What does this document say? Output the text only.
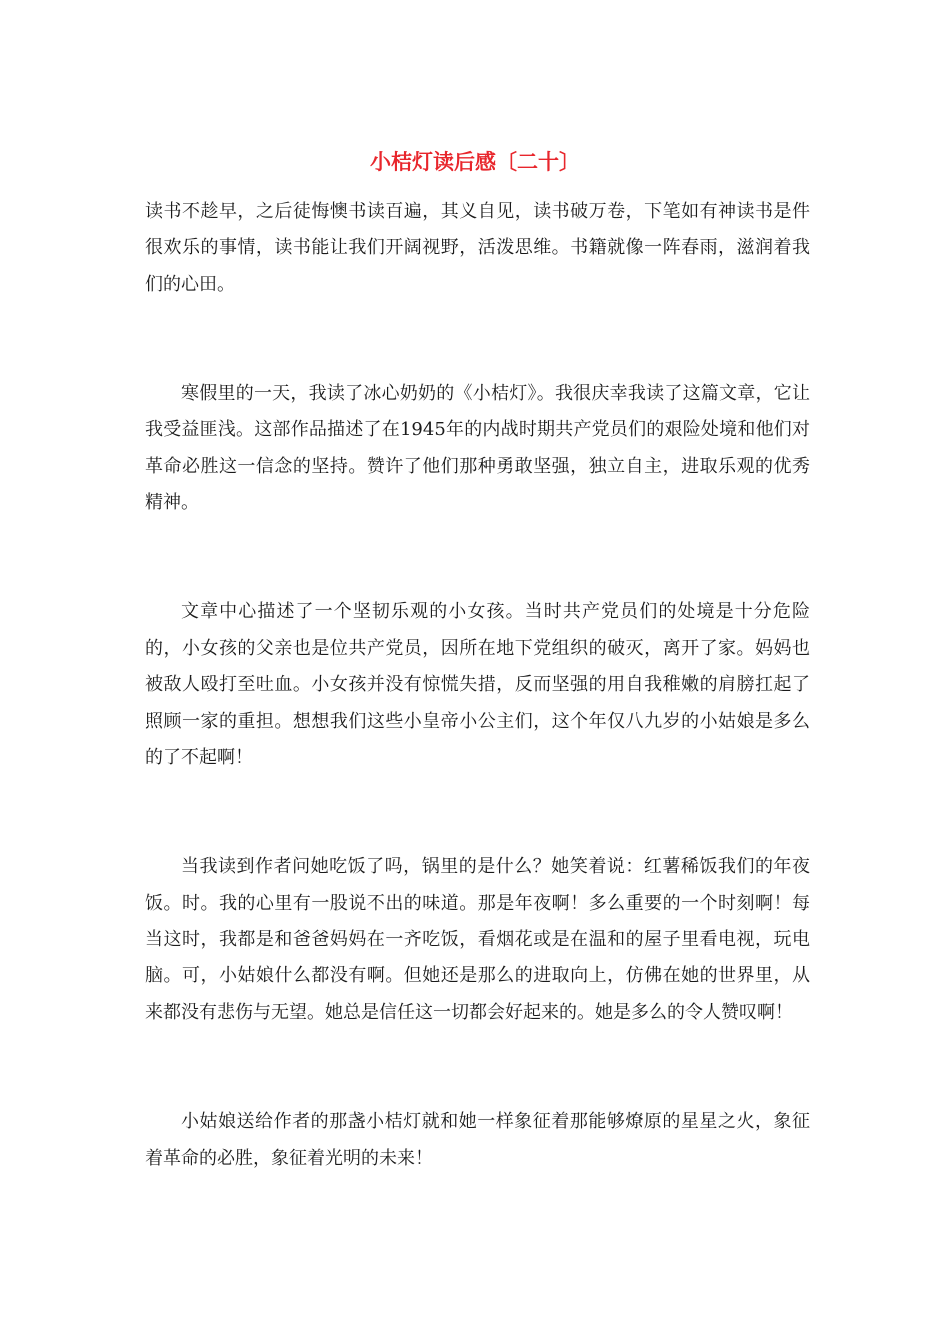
小桔灯读后感〔二十〕

读书不趁早，之后徒悔懊书读百遍，其义自见，读书破万卷，下笔如有神读书是件很欢乐的事情，读书能让我们开阔视野，活泼思维。书籍就像一阵春雨，滋润着我们的心田。

寒假里的一天，我读了冰心奶奶的《小桔灯》。我很庆幸我读了这篇文章，它让我受益匪浅。这部作品描述了在1945年的内战时期共产党员们的艰险处境和他们对革命必胜这一信念的坚持。赞许了他们那种勇敢坚强，独立自主，进取乐观的优秀精神。

文章中心描述了一个坚韧乐观的小女孩。当时共产党员们的处境是十分危险的，小女孩的父亲也是位共产党员，因所在地下党组织的破灭，离开了家。妈妈也被敌人殴打至吐血。小女孩并没有惊慌失措，反而坚强的用自我稚嫩的肩膀扛起了照顾一家的重担。想想我们这些小皇帝小公主们，这个年仅八九岁的小姑娘是多么的了不起啊！

当我读到作者问她吃饭了吗，锅里的是什么？她笑着说：红薯稀饭我们的年夜饭。时。我的心里有一股说不出的味道。那是年夜啊！多么重要的一个时刻啊！每当这时，我都是和爸爸妈妈在一齐吃饭，看烟花或是在温和的屋子里看电视，玩电脑。可，小姑娘什么都没有啊。但她还是那么的进取向上，仿佛在她的世界里，从来都没有悲伤与无望。她总是信任这一切都会好起来的。她是多么的令人赞叹啊！

小姑娘送给作者的那盏小桔灯就和她一样象征着那能够燎原的星星之火，象征着革命的必胜，象征着光明的未来！
